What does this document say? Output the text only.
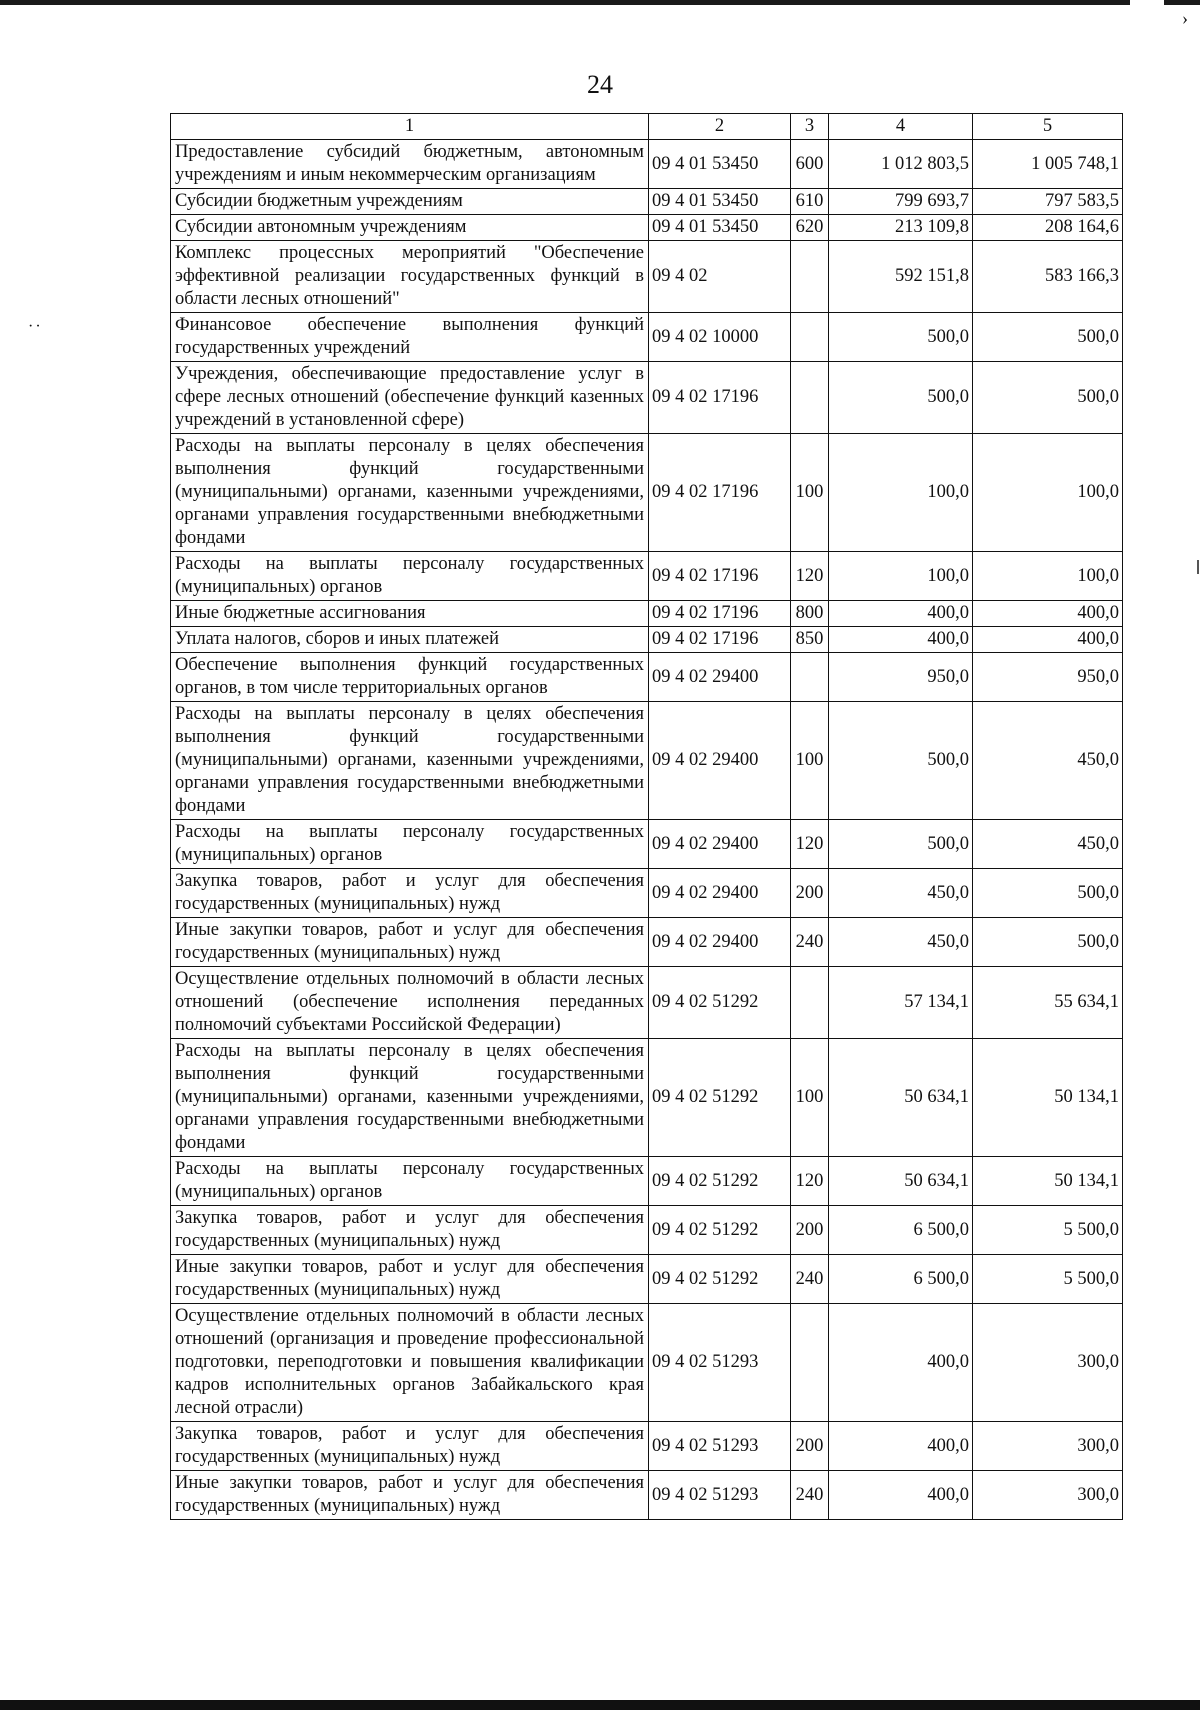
›
··
24
1	2	3	4	5
Предоставление субсидий бюджетным, автономным учреждениям и иным некоммерческим организациям	09 4 01 53450	600	1 012 803,5	1 005 748,1
Субсидии бюджетным учреждениям	09 4 01 53450	610	799 693,7	797 583,5
Субсидии автономным учреждениям	09 4 01 53450	620	213 109,8	208 164,6
Комплекс процессных мероприятий "Обеспечение эффективной реализации государственных функций в области лесных отношений"	09 4 02		592 151,8	583 166,3
Финансовое обеспечение выполнения функций государственных учреждений	09 4 02 10000		500,0	500,0
Учреждения, обеспечивающие предоставление услуг в сфере лесных отношений (обеспечение функций казенных учреждений в установленной сфере)	09 4 02 17196		500,0	500,0
Расходы на выплаты персоналу в целях обеспечения выполнения функций государственными (муниципальными) органами, казенными учреждениями, органами управления государственными внебюджетными фондами	09 4 02 17196	100	100,0	100,0
Расходы на выплаты персоналу государственных (муниципальных) органов	09 4 02 17196	120	100,0	100,0
Иные бюджетные ассигнования	09 4 02 17196	800	400,0	400,0
Уплата налогов, сборов и иных платежей	09 4 02 17196	850	400,0	400,0
Обеспечение выполнения функций государственных органов, в том числе территориальных органов	09 4 02 29400		950,0	950,0
Расходы на выплаты персоналу в целях обеспечения выполнения функций государственными (муниципальными) органами, казенными учреждениями, органами управления государственными внебюджетными фондами	09 4 02 29400	100	500,0	450,0
Расходы на выплаты персоналу государственных (муниципальных) органов	09 4 02 29400	120	500,0	450,0
Закупка товаров, работ и услуг для обеспечения государственных (муниципальных) нужд	09 4 02 29400	200	450,0	500,0
Иные закупки товаров, работ и услуг для обеспечения государственных (муниципальных) нужд	09 4 02 29400	240	450,0	500,0
Осуществление отдельных полномочий в области лесных отношений (обеспечение исполнения переданных полномочий субъектами Российской Федерации)	09 4 02 51292		57 134,1	55 634,1
Расходы на выплаты персоналу в целях обеспечения выполнения функций государственными (муниципальными) органами, казенными учреждениями, органами управления государственными внебюджетными фондами	09 4 02 51292	100	50 634,1	50 134,1
Расходы на выплаты персоналу государственных (муниципальных) органов	09 4 02 51292	120	50 634,1	50 134,1
Закупка товаров, работ и услуг для обеспечения государственных (муниципальных) нужд	09 4 02 51292	200	6 500,0	5 500,0
Иные закупки товаров, работ и услуг для обеспечения государственных (муниципальных) нужд	09 4 02 51292	240	6 500,0	5 500,0
Осуществление отдельных полномочий в области лесных отношений (организация и проведение профессиональной подготовки, переподготовки и повышения квалификации кадров исполнительных органов Забайкальского края лесной отрасли)	09 4 02 51293		400,0	300,0
Закупка товаров, работ и услуг для обеспечения государственных (муниципальных) нужд	09 4 02 51293	200	400,0	300,0
Иные закупки товаров, работ и услуг для обеспечения государственных (муниципальных) нужд	09 4 02 51293	240	400,0	300,0
